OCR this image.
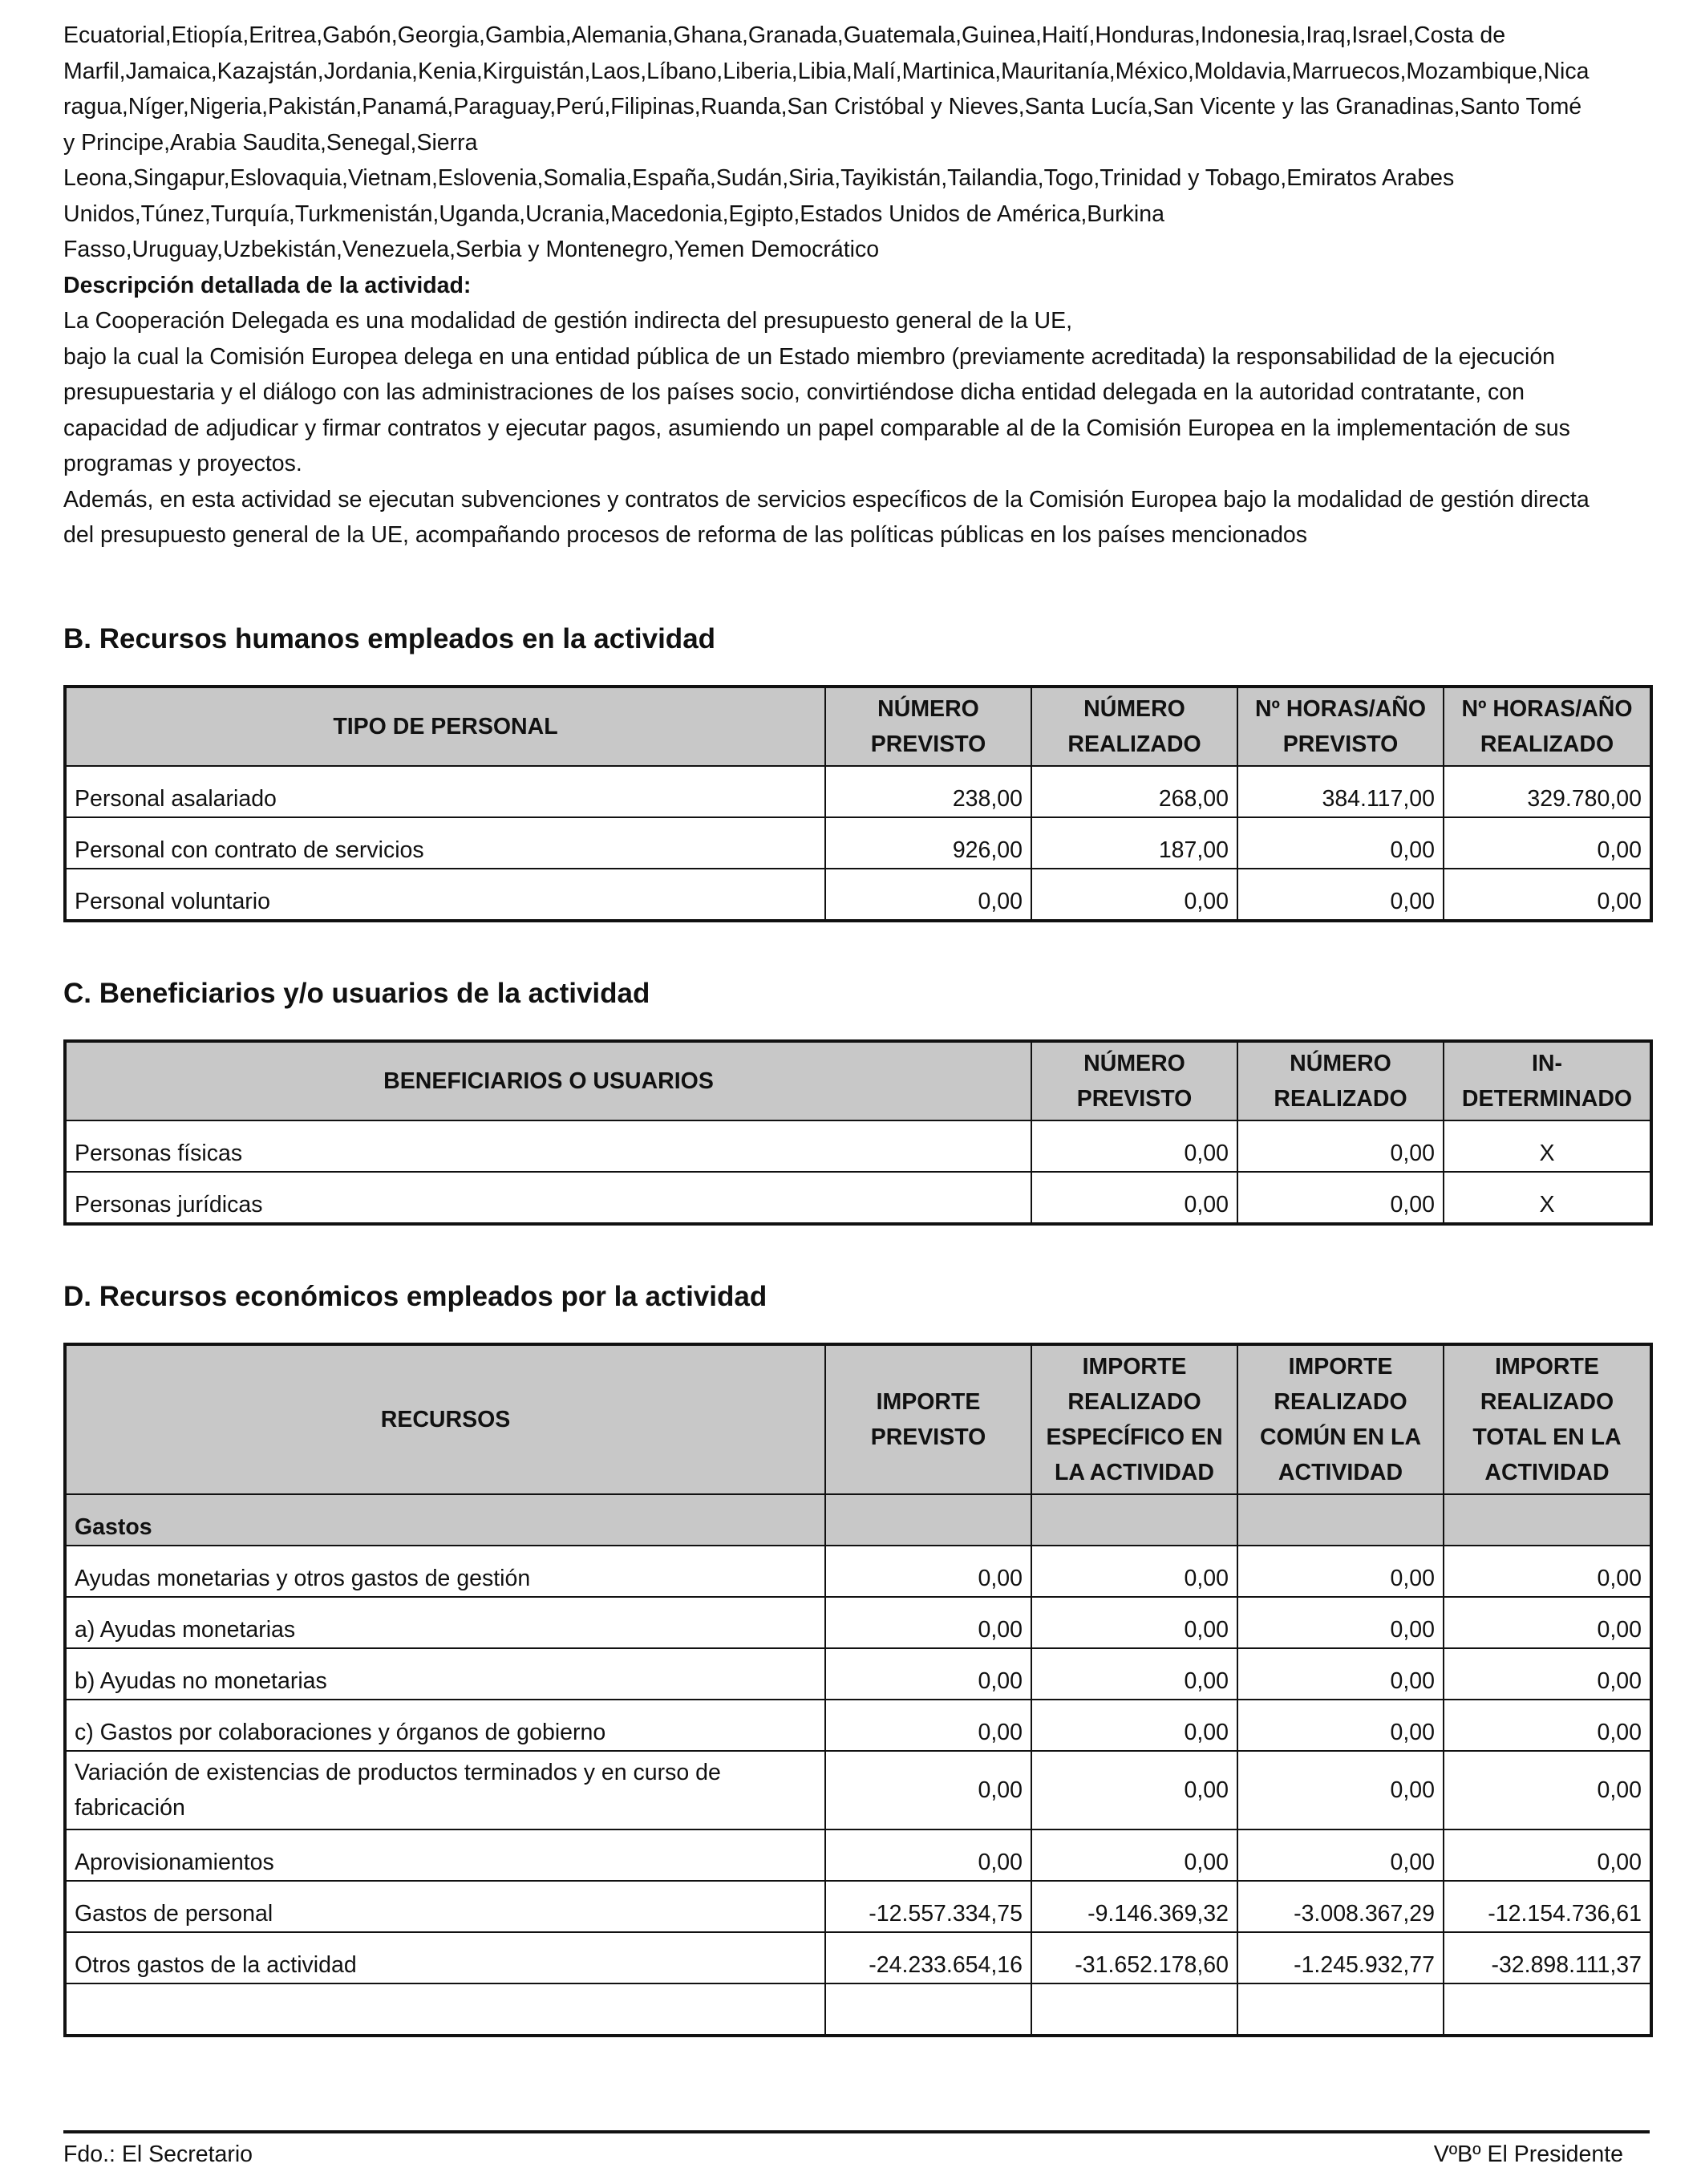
Ecuatorial,Etiopía,Eritrea,Gabón,Georgia,Gambia,Alemania,Ghana,Granada,Guatemala,Guinea,Haití,Honduras,Indonesia,Iraq,Israel,Costa de
Marfil,Jamaica,Kazajstán,Jordania,Kenia,Kirguistán,Laos,Líbano,Liberia,Libia,Malí,Martinica,Mauritanía,México,Moldavia,Marruecos,Mozambique,Nica
ragua,Níger,Nigeria,Pakistán,Panamá,Paraguay,Perú,Filipinas,Ruanda,San Cristóbal y Nieves,Santa Lucía,San Vicente y las Granadinas,Santo Tomé
y Principe,Arabia Saudita,Senegal,Sierra
Leona,Singapur,Eslovaquia,Vietnam,Eslovenia,Somalia,España,Sudán,Siria,Tayikistán,Tailandia,Togo,Trinidad y Tobago,Emiratos Arabes
Unidos,Túnez,Turquía,Turkmenistán,Uganda,Ucrania,Macedonia,Egipto,Estados Unidos de América,Burkina
Fasso,Uruguay,Uzbekistán,Venezuela,Serbia y Montenegro,Yemen Democrático
Descripción detallada de la actividad:
La Cooperación Delegada es una modalidad de gestión indirecta del presupuesto general de la UE,
bajo la cual la Comisión Europea delega en una entidad pública de un Estado miembro (previamente acreditada) la responsabilidad de la ejecución
presupuestaria y el diálogo con las administraciones de los países socio, convirtiéndose dicha entidad delegada en la autoridad contratante, con
capacidad de adjudicar y firmar contratos y ejecutar pagos, asumiendo un papel comparable al de la Comisión Europea en la implementación de sus
programas y proyectos.
Además, en esta actividad se ejecutan subvenciones y contratos de servicios específicos de la Comisión Europea bajo la modalidad de gestión directa
del presupuesto general de la UE, acompañando procesos de reforma de las políticas públicas en los países mencionados
B. Recursos humanos empleados en la actividad
TIPO DE PERSONAL	NÚMERO PREVISTO	NÚMERO REALIZADO	Nº HORAS/AÑO PREVISTO	Nº HORAS/AÑO REALIZADO
Personal asalariado	238,00	268,00	384.117,00	329.780,00
Personal con contrato de servicios	926,00	187,00	0,00	0,00
Personal voluntario	0,00	0,00	0,00	0,00
C. Beneficiarios y/o usuarios de la actividad
BENEFICIARIOS O USUARIOS	NÚMERO PREVISTO	NÚMERO REALIZADO	IN-DETERMINADO
Personas físicas	0,00	0,00	X
Personas jurídicas	0,00	0,00	X
D. Recursos económicos empleados por la actividad
RECURSOS	IMPORTE PREVISTO	IMPORTE REALIZADO ESPECÍFICO EN LA ACTIVIDAD	IMPORTE REALIZADO COMÚN EN LA ACTIVIDAD	IMPORTE REALIZADO TOTAL EN LA ACTIVIDAD
Gastos				
Ayudas monetarias y otros gastos de gestión	0,00	0,00	0,00	0,00
a) Ayudas monetarias	0,00	0,00	0,00	0,00
b) Ayudas no monetarias	0,00	0,00	0,00	0,00
c) Gastos por colaboraciones y órganos de gobierno	0,00	0,00	0,00	0,00
Variación de existencias de productos terminados y en curso de fabricación	0,00	0,00	0,00	0,00
Aprovisionamientos	0,00	0,00	0,00	0,00
Gastos de personal	-12.557.334,75	-9.146.369,32	-3.008.367,29	-12.154.736,61
Otros gastos de la actividad	-24.233.654,16	-31.652.178,60	-1.245.932,77	-32.898.111,37

Fdo.: El Secretario	VºBº El Presidente
